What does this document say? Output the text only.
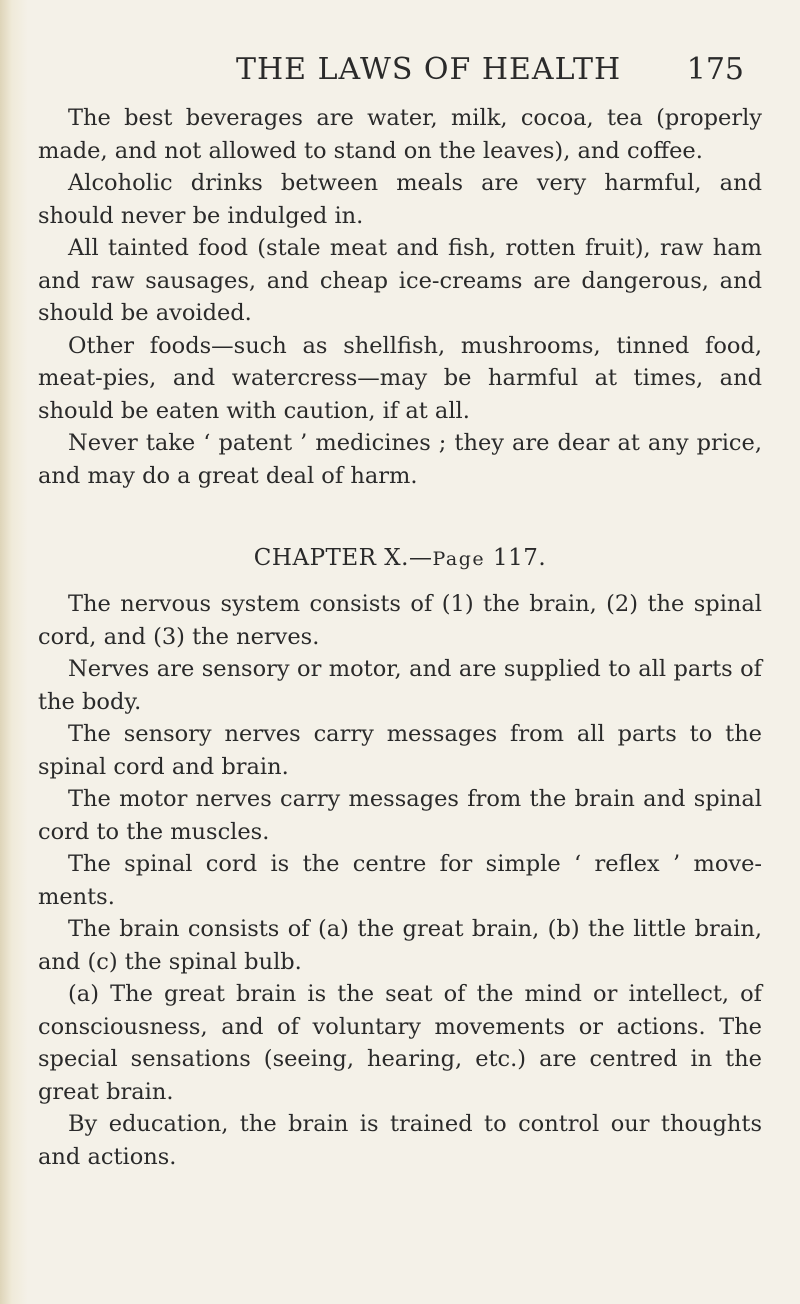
THE LAWS OF HEALTH 175

The best beverages are water, milk, cocoa, tea (properly made, and not allowed to stand on the leaves), and coffee.

Alcoholic drinks between meals are very harmful, and should never be indulged in.

All tainted food (stale meat and fish, rotten fruit), raw ham and raw sausages, and cheap ice-creams are dangerous, and should be avoided.

Other foods—such as shellfish, mushrooms, tinned food, meat-pies, and watercress—may be harmful at times, and should be eaten with caution, if at all.

Never take ‘ patent ’ medicines ; they are dear at any price, and may do a great deal of harm.

CHAPTER X.—Page 117.

The nervous system consists of (1) the brain, (2) the spinal cord, and (3) the nerves.

Nerves are sensory or motor, and are supplied to all parts of the body.

The sensory nerves carry messages from all parts to the spinal cord and brain.

The motor nerves carry messages from the brain and spinal cord to the muscles.

The spinal cord is the centre for simple ‘ reflex ’ move- ments.

The brain consists of (a) the great brain, (b) the little brain, and (c) the spinal bulb.

(a) The great brain is the seat of the mind or intellect, of consciousness, and of voluntary movements or actions. The special sensations (seeing, hearing, etc.) are centred in the great brain.

By education, the brain is trained to control our thoughts and actions.
